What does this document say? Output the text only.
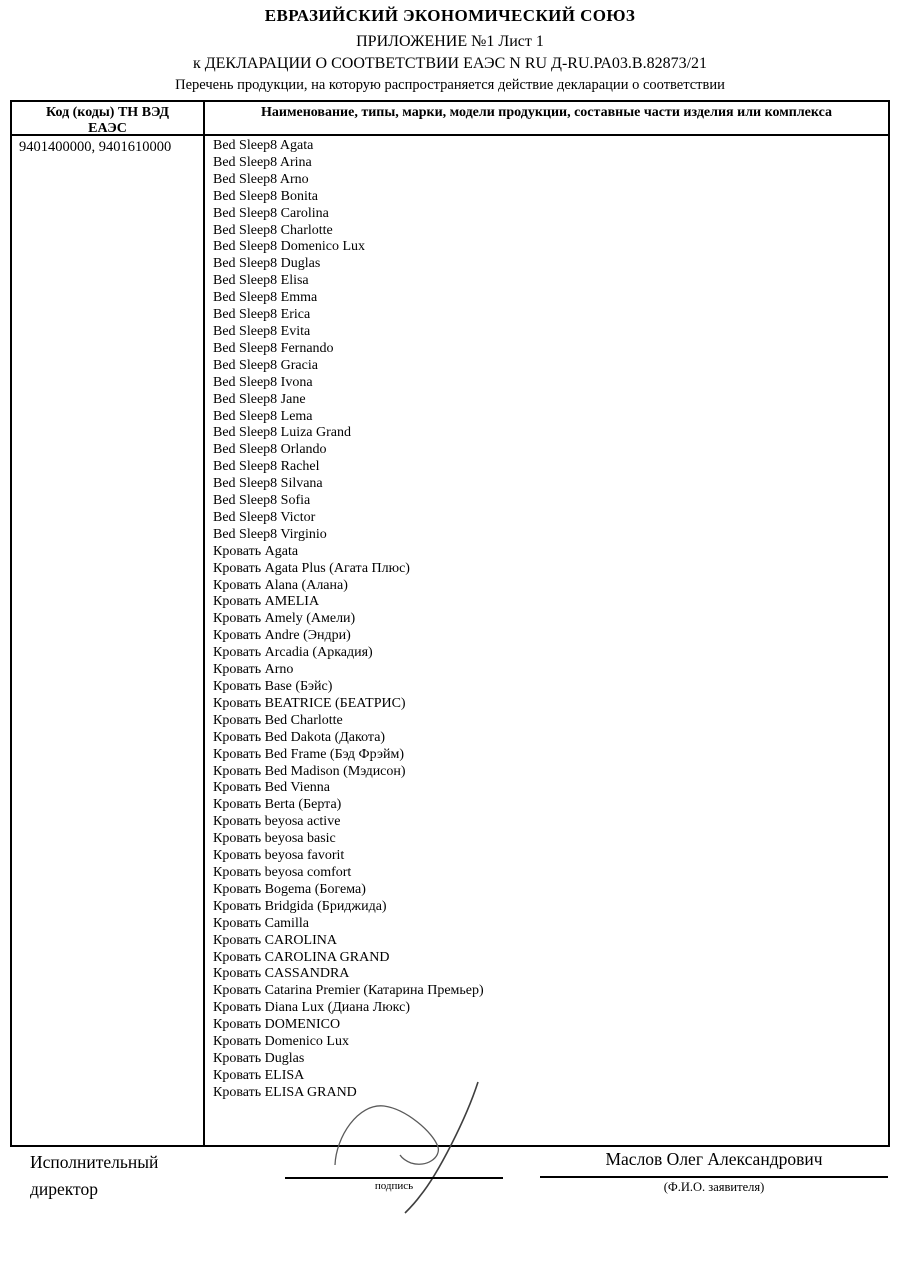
ЕВРАЗИЙСКИЙ ЭКОНОМИЧЕСКИЙ СОЮЗ
ПРИЛОЖЕНИЕ №1 Лист 1
к ДЕКЛАРАЦИИ О СООТВЕТСТВИИ ЕАЭС N RU Д-RU.РА03.В.82873/21
Перечень продукции, на которую распространяется действие декларации о соответствии
Код (коды) ТН ВЭД ЕАЭС
Наименование, типы, марки, модели продукции, составные части изделия или комплекса
9401400000, 9401610000	Bed Sleep8 Agata
Bed Sleep8 Arina
Bed Sleep8 Arno
Bed Sleep8 Bonita
Bed Sleep8 Carolina
Bed Sleep8 Charlotte
Bed Sleep8 Domenico Lux
Bed Sleep8 Duglas
Bed Sleep8 Elisa
Bed Sleep8 Emma
Bed Sleep8 Erica
Bed Sleep8 Evita
Bed Sleep8 Fernando
Bed Sleep8 Gracia
Bed Sleep8 Ivona
Bed Sleep8 Jane
Bed Sleep8 Lema
Bed Sleep8 Luiza Grand
Bed Sleep8 Orlando
Bed Sleep8 Rachel
Bed Sleep8 Silvana
Bed Sleep8 Sofia
Bed Sleep8 Victor
Bed Sleep8 Virginio
Кровать Agata
Кровать Agata Plus (Агата Плюс)
Кровать Alana (Алана)
Кровать AMELIA
Кровать Amely (Амели)
Кровать Andre (Эндри)
Кровать Arcadia (Аркадия)
Кровать Arno
Кровать Base (Бэйс)
Кровать BEATRICE (БЕАТРИС)
Кровать Bed Charlotte
Кровать Bed Dakota (Дакота)
Кровать Bed Frame (Бэд Фрэйм)
Кровать Bed Madison (Мэдисон)
Кровать Bed Vienna
Кровать Berta (Берта)
Кровать beyosa active
Кровать beyosa basic
Кровать beyosa favorit
Кровать beyosa comfort
Кровать Bogema (Богема)
Кровать Bridgida (Бриджида)
Кровать Camilla
Кровать CAROLINA
Кровать CAROLINA GRAND
Кровать CASSANDRA
Кровать Catarina Premier (Катарина Премьер)
Кровать Diana Lux (Диана Люкс)
Кровать DOMENICO
Кровать Domenico Lux
Кровать Duglas
Кровать ELISA
Кровать ELISA GRAND
Исполнительный директор	подпись
Маслов Олег Александрович
(Ф.И.О. заявителя)
